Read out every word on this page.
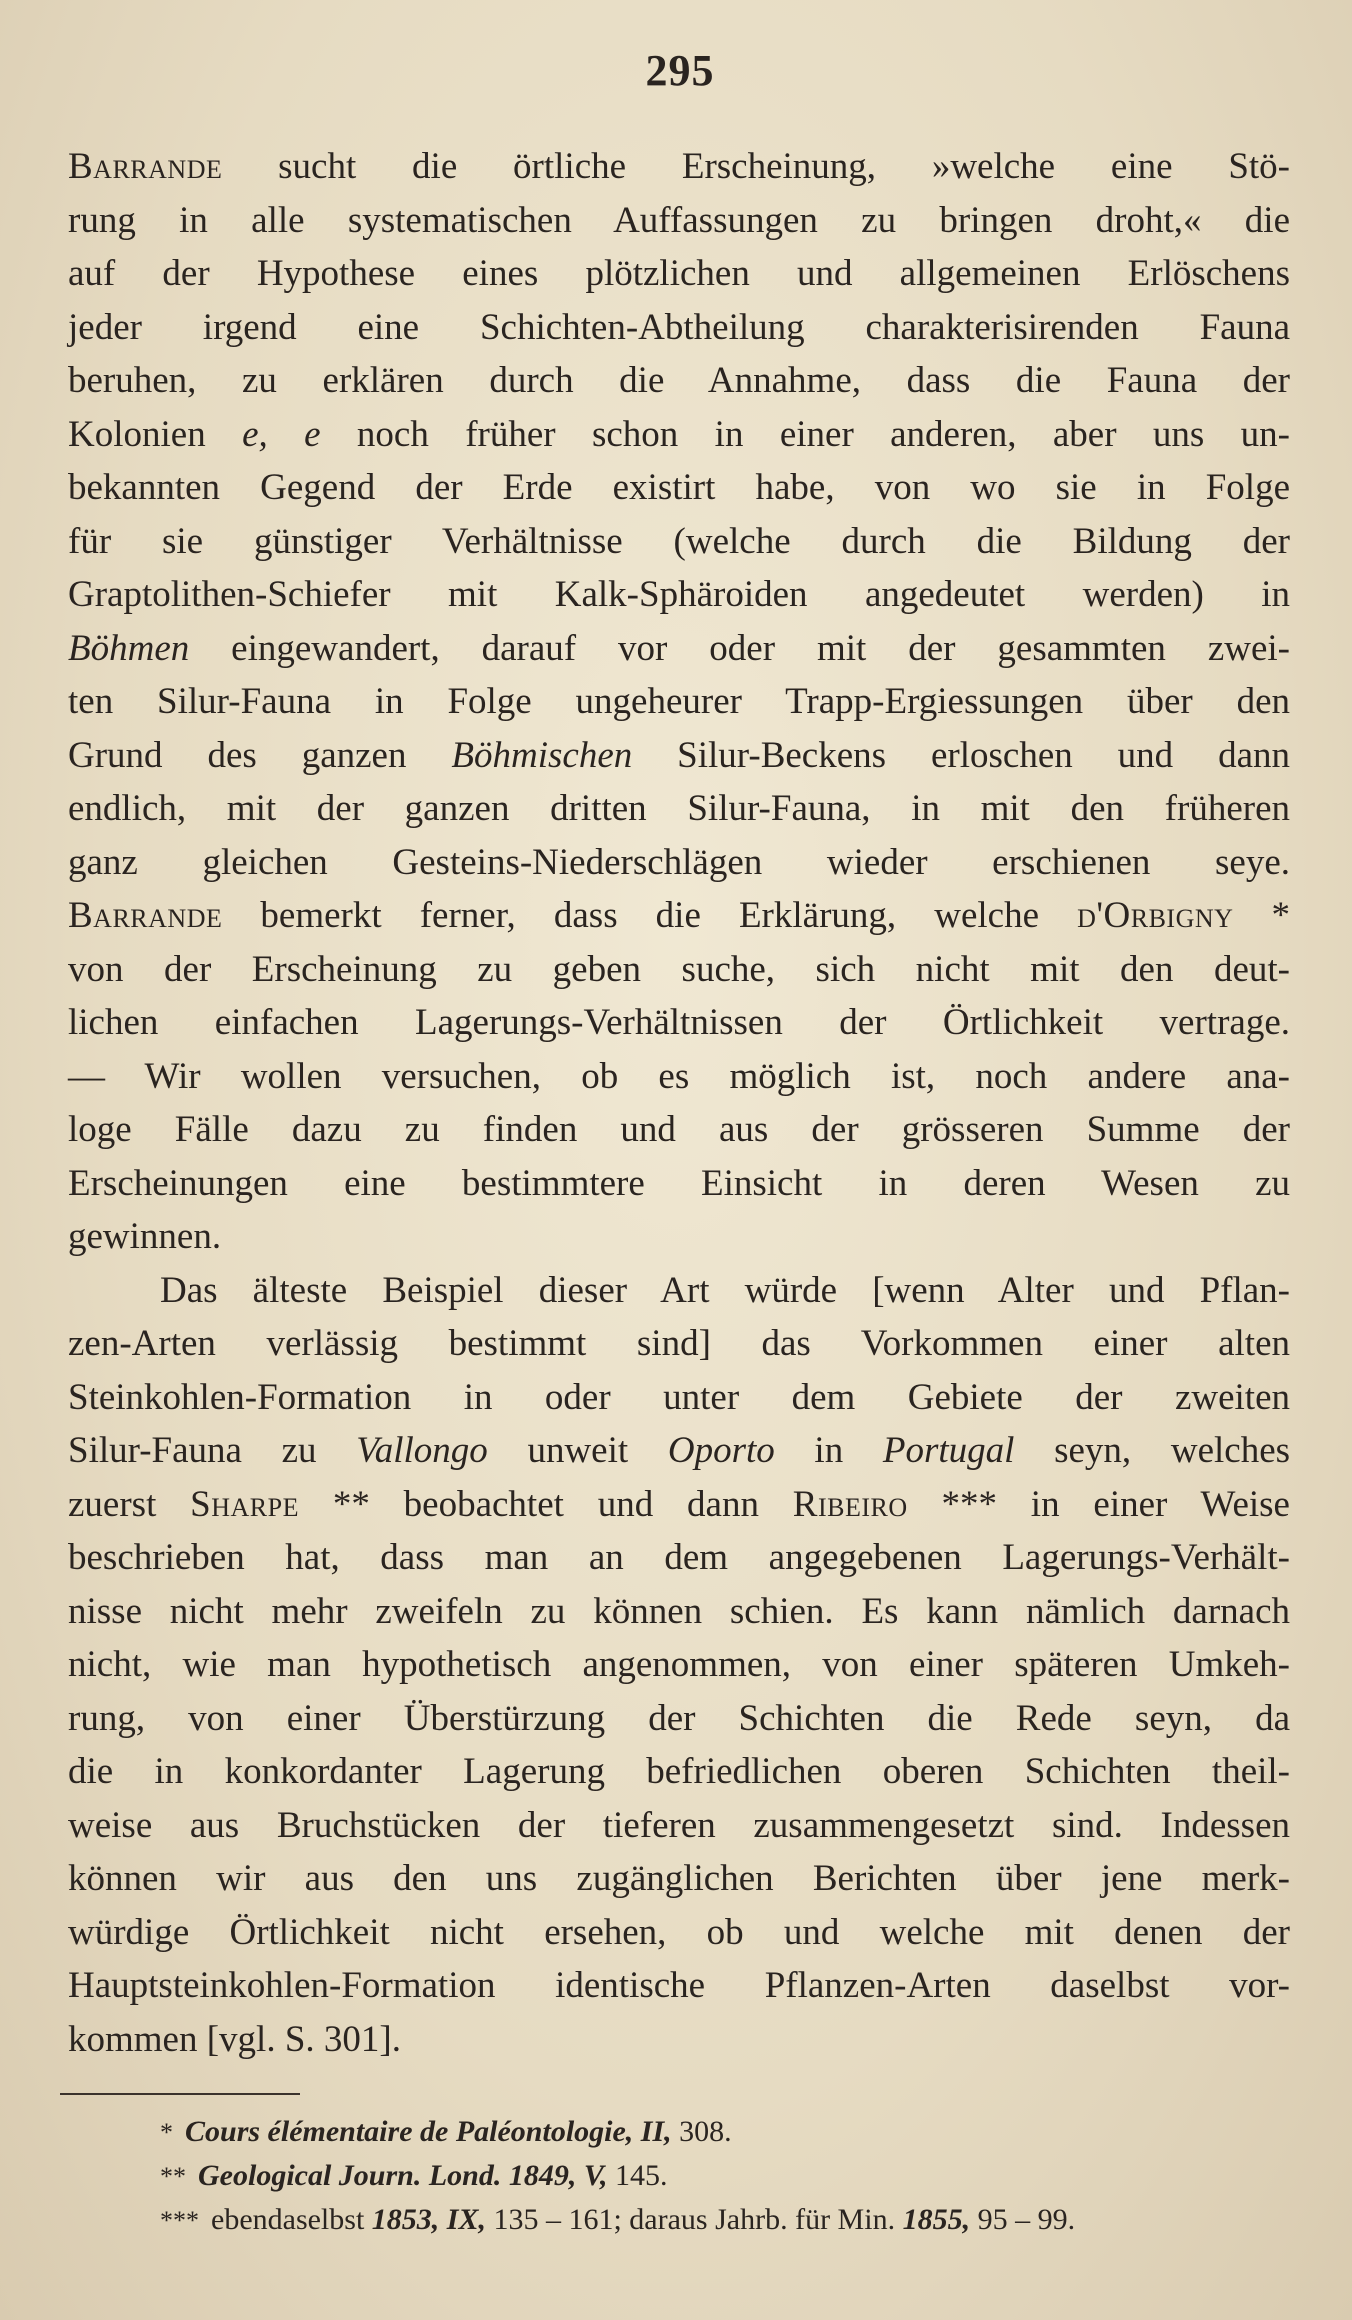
295
Barrande sucht die örtliche Erscheinung, »welche eine Stö-
rung in alle systematischen Auffassungen zu bringen droht,« die
auf der Hypothese eines plötzlichen und allgemeinen Erlöschens
jeder irgend eine Schichten-Abtheilung charakterisirenden Fauna
beruhen, zu erklären durch die Annahme, dass die Fauna der
Kolonien e, e noch früher schon in einer anderen, aber uns un-
bekannten Gegend der Erde existirt habe, von wo sie in Folge
für sie günstiger Verhältnisse (welche durch die Bildung der
Graptolithen-Schiefer mit Kalk-Sphäroiden angedeutet werden) in
Böhmen eingewandert, darauf vor oder mit der gesammten zwei-
ten Silur-Fauna in Folge ungeheurer Trapp-Ergiessungen über den
Grund des ganzen Böhmischen Silur-Beckens erloschen und dann
endlich, mit der ganzen dritten Silur-Fauna, in mit den früheren
ganz gleichen Gesteins-Niederschlägen wieder erschienen seye.
Barrande bemerkt ferner, dass die Erklärung, welche d'Orbigny *
von der Erscheinung zu geben suche, sich nicht mit den deut-
lichen einfachen Lagerungs-Verhältnissen der Örtlichkeit vertrage.
— Wir wollen versuchen, ob es möglich ist, noch andere ana-
loge Fälle dazu zu finden und aus der grösseren Summe der
Erscheinungen eine bestimmtere Einsicht in deren Wesen zu
gewinnen.
Das älteste Beispiel dieser Art würde [wenn Alter und Pflan-
zen-Arten verlässig bestimmt sind] das Vorkommen einer alten
Steinkohlen-Formation in oder unter dem Gebiete der zweiten
Silur-Fauna zu Vallongo unweit Oporto in Portugal seyn, welches
zuerst Sharpe ** beobachtet und dann Ribeiro *** in einer Weise
beschrieben hat, dass man an dem angegebenen Lagerungs-Verhält-
nisse nicht mehr zweifeln zu können schien. Es kann nämlich darnach
nicht, wie man hypothetisch angenommen, von einer späteren Umkeh-
rung, von einer Überstürzung der Schichten die Rede seyn, da
die in konkordanter Lagerung befriedlichen oberen Schichten theil-
weise aus Bruchstücken der tieferen zusammengesetzt sind. Indessen
können wir aus den uns zugänglichen Berichten über jene merk-
würdige Örtlichkeit nicht ersehen, ob und welche mit denen der
Hauptsteinkohlen-Formation identische Pflanzen-Arten daselbst vor-
kommen [vgl. S. 301].
* Cours élémentaire de Paléontologie, II, 308.
** Geological Journ. Lond. 1849, V, 145.
*** ebendaselbst 1853, IX, 135 – 161; daraus Jahrb. für Min. 1855, 95 – 99.
